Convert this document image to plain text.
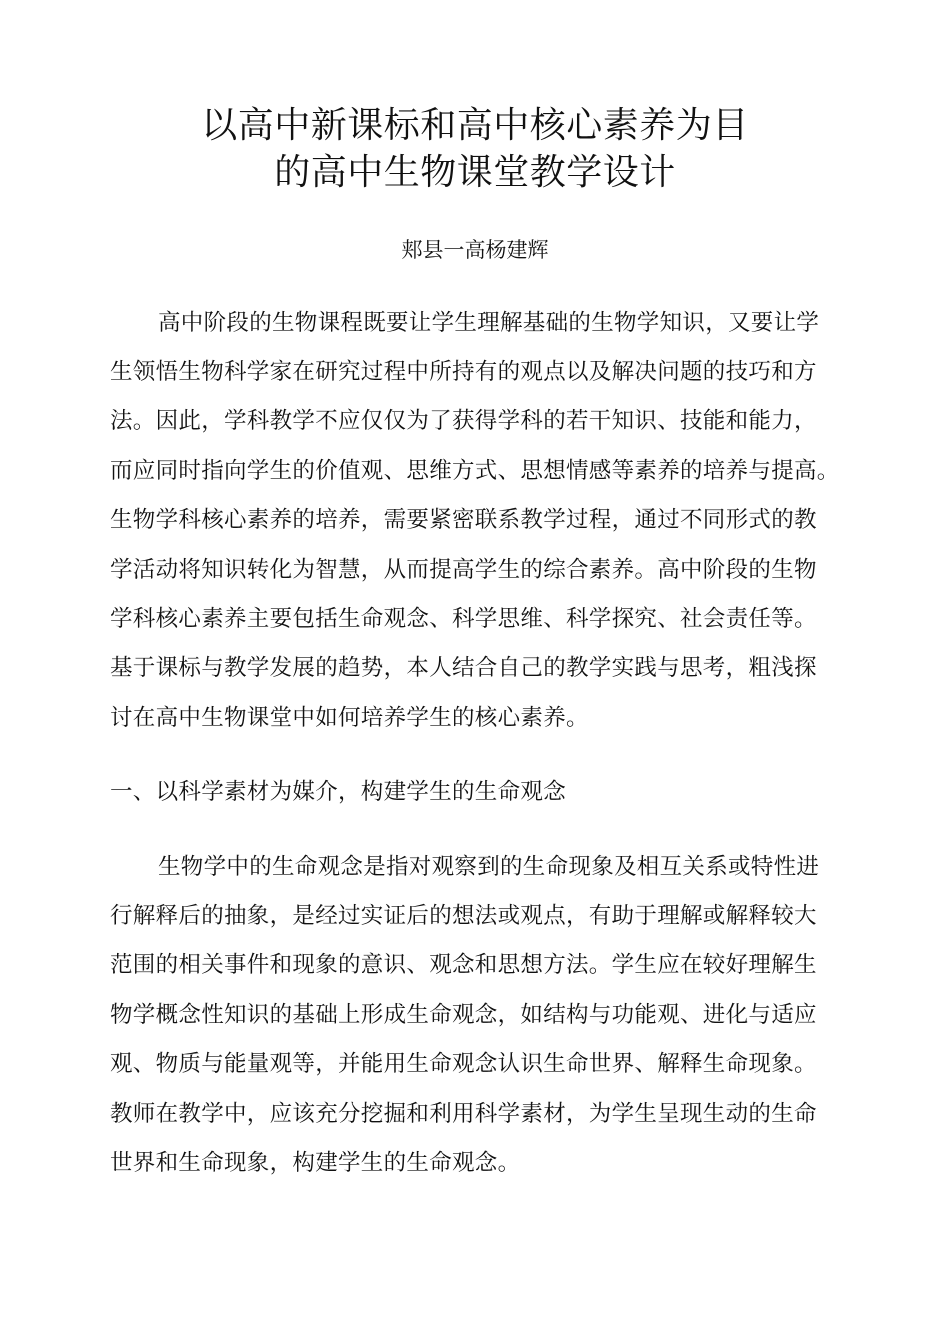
以高中新课标和高中核心素养为目
的高中生物课堂教学设计
郏县一高杨建辉
高中阶段的生物课程既要让学生理解基础的生物学知识，又要让学
生领悟生物科学家在研究过程中所持有的观点以及解决问题的技巧和方
法。因此，学科教学不应仅仅为了获得学科的若干知识、技能和能力，
而应同时指向学生的价值观、思维方式、思想情感等素养的培养与提高。
生物学科核心素养的培养，需要紧密联系教学过程，通过不同形式的教
学活动将知识转化为智慧，从而提高学生的综合素养。高中阶段的生物
学科核心素养主要包括生命观念、科学思维、科学探究、社会责任等。
基于课标与教学发展的趋势，本人结合自己的教学实践与思考，粗浅探
讨在高中生物课堂中如何培养学生的核心素养。
一、以科学素材为媒介，构建学生的生命观念
生物学中的生命观念是指对观察到的生命现象及相互关系或特性进
行解释后的抽象，是经过实证后的想法或观点，有助于理解或解释较大
范围的相关事件和现象的意识、观念和思想方法。学生应在较好理解生
物学概念性知识的基础上形成生命观念，如结构与功能观、进化与适应
观、物质与能量观等，并能用生命观念认识生命世界、解释生命现象。
教师在教学中，应该充分挖掘和利用科学素材，为学生呈现生动的生命
世界和生命现象，构建学生的生命观念。
